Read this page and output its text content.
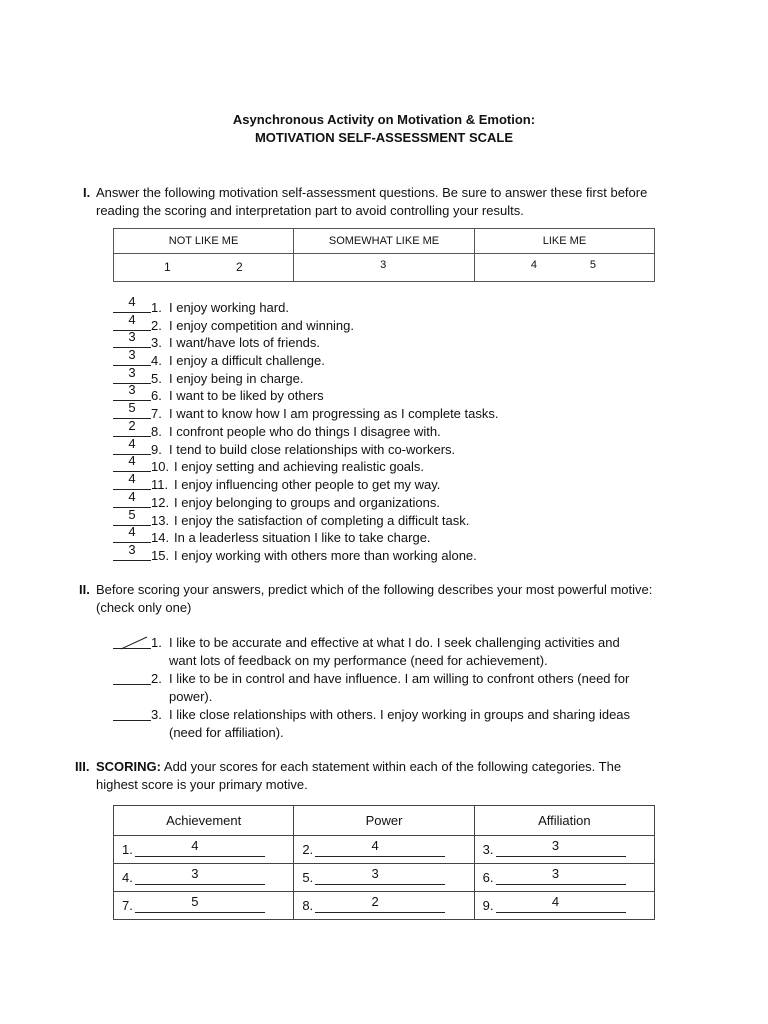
Asynchronous Activity on Motivation & Emotion:
MOTIVATION SELF-ASSESSMENT SCALE
I. Answer the following motivation self-assessment questions. Be sure to answer these first before reading the scoring and interpretation part to avoid controlling your results.
NOT LIKE ME	SOMEWHAT LIKE ME	LIKE ME

1 2	3	4 5
4	1. I enjoy working hard.
4	2. I enjoy competition and winning.
3	3. I want/have lots of friends.
3	4. I enjoy a difficult challenge.
3	5. I enjoy being in charge.
3	6. I want to be liked by others
5	7. I want to know how I am progressing as I complete tasks.
2	8. I confront people who do things I disagree with.
4	9. I tend to build close relationships with co-workers.
4	10. I enjoy setting and achieving realistic goals.
4	11. I enjoy influencing other people to get my way.
4	12. I enjoy belonging to groups and organizations.
5	13. I enjoy the satisfaction of completing a difficult task.
4	14. In a leaderless situation I like to take charge.
3	15. I enjoy working with others more than working alone.
II. Before scoring your answers, predict which of the following describes your most powerful motive: (check only one)
1. I like to be accurate and effective at what I do. I seek challenging activities and
want lots of feedback on my performance (need for achievement).
2. I like to be in control and have influence. I am willing to confront others (need for
power).
3. I like close relationships with others. I enjoy working in groups and sharing ideas
(need for affiliation).
III. SCORING: Add your scores for each statement within each of the following categories. The
highest score is your primary motive.
Achievement	Power	Affiliation
1. 4	2. 4	3. 3

4. 3	5. 3	6. 3

7. 5	8. 2	9. 4
